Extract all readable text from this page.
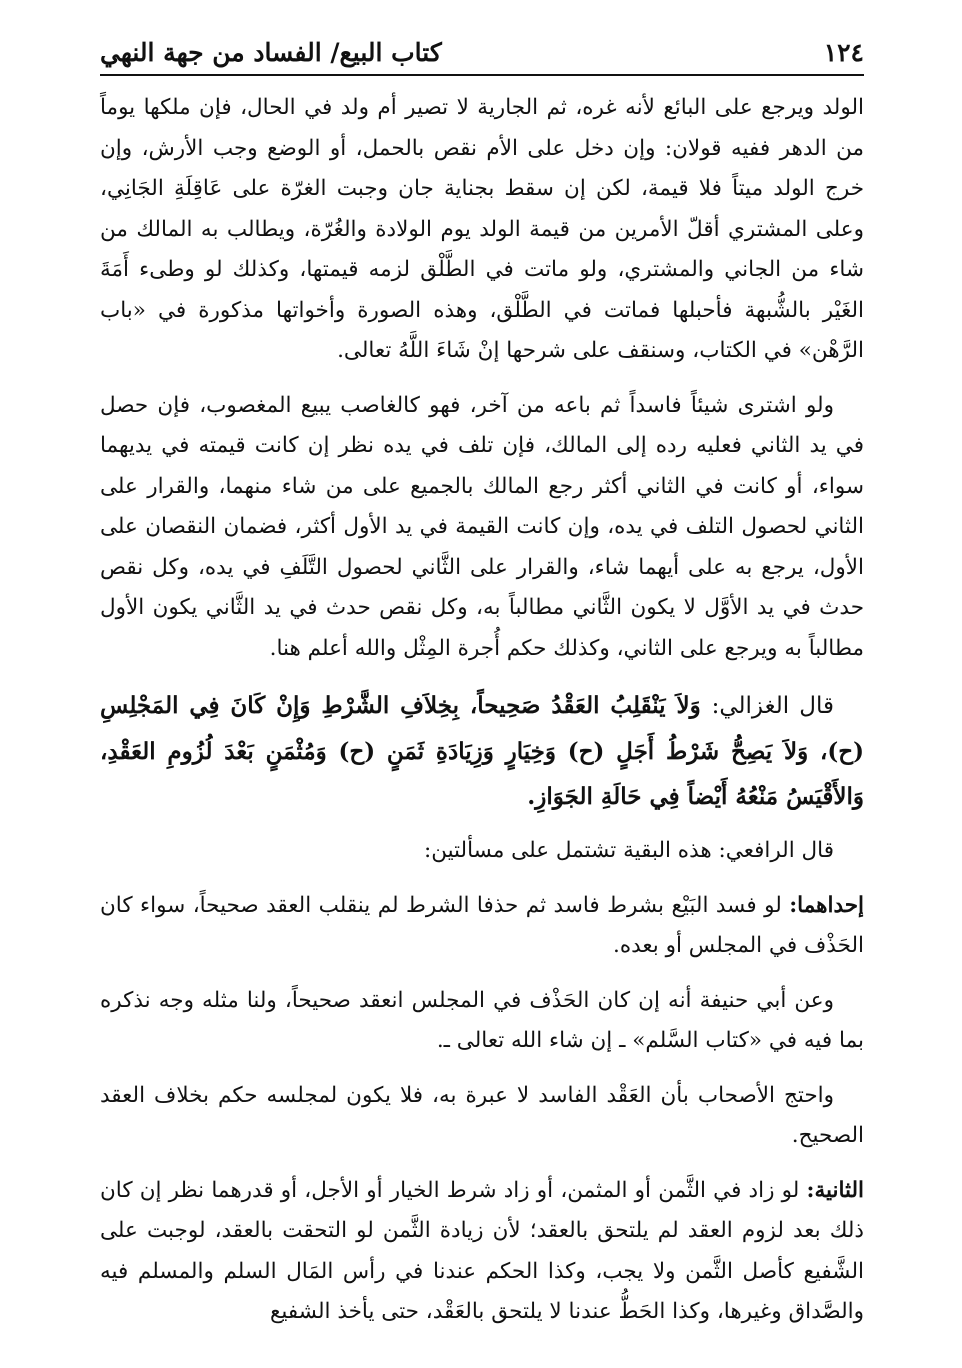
كتاب البيع/ الفساد من جهة النهي	١٢٤

الولد ويرجع على البائع لأنه غره، ثم الجارية لا تصير أم ولد في الحال، فإن ملكها يوماً من الدهر ففيه قولان: وإن دخل على الأم نقص بالحمل، أو الوضع وجب الأرش، وإن خرج الولد ميتاً فلا قيمة، لكن إن سقط بجناية جان وجبت الغرّة على عَاقِلَةِ الجَانِي، وعلى المشتري أقلّ الأمرين من قيمة الولد يوم الولادة والغُرّة، ويطالب به المالك من شاء من الجاني والمشتري، ولو ماتت في الطَّلْق لزمه قيمتها، وكذلك لو وطىء أَمَةَ الغَيْر بالشُّبهة فأحبلها فماتت في الطَّلْق، وهذه الصورة وأخواتها مذكورة في «باب الرَّهْن» في الكتاب، وسنقف على شرحها إنْ شَاءَ اللَّهُ تعالى.

ولو اشترى شيئاً فاسداً ثم باعه من آخر، فهو كالغاصب يبيع المغصوب، فإن حصل في يد الثاني فعليه رده إلى المالك، فإن تلف في يده نظر إن كانت قيمته في يديهما سواء، أو كانت في الثاني أكثر رجع المالك بالجميع على من شاء منهما، والقرار على الثاني لحصول التلف في يده، وإن كانت القيمة في يد الأول أكثر، فضمان النقصان على الأول، يرجع به على أيهما شاء، والقرار على الثَّاني لحصول التَّلَفِ في يده، وكل نقص حدث في يد الأوَّل لا يكون الثَّاني مطالباً به، وكل نقص حدث في يد الثَّاني يكون الأول مطالباً به ويرجع على الثاني، وكذلك حكم أُجرة المِثْل والله أعلم هنا.

قال الغزالي: وَلاَ يَنْقَلِبُ العَقْدُ صَحِيحاً، بِخِلاَفِ الشَّرْطِ وَإِنْ كَانَ فِي المَجْلِسِ (ح)، وَلاَ يَصِحُّ شَرْطُ أَجَلٍ (ح) وَخِيَارٍ وَزِيَادَةِ ثَمَنٍ (ح) وَمُثْمَنٍ بَعْدَ لُزُومِ العَقْدِ، وَالأَقْيَسُ مَنْعُهُ أَيْضاً فِي حَالَةِ الجَوَازِ.

قال الرافعي: هذه البقية تشتمل على مسألتين:

إحداهما: لو فسد البَيْع بشرط فاسد ثم حذفا الشرط لم ينقلب العقد صحيحاً، سواء كان الحَذْف في المجلس أو بعده.

وعن أبي حنيفة أنه إن كان الحَذْف في المجلس انعقد صحيحاً، ولنا مثله وجه نذكره بما فيه في «كتاب السَّلم» ـ إن شاء الله تعالى ـ.

واحتج الأصحاب بأن العَقْد الفاسد لا عبرة به، فلا يكون لمجلسه حكم بخلاف العقد الصحيح.

الثانية: لو زاد في الثَّمن أو المثمن، أو زاد شرط الخيار أو الأجل، أو قدرهما نظر إن كان ذلك بعد لزوم العقد لم يلتحق بالعقد؛ لأن زيادة الثَّمن لو التحقت بالعقد، لوجبت على الشَّفيع كأصل الثَّمن ولا يجب، وكذا الحكم عندنا في رأس المَال السلم والمسلم فيه والصَّداق وغيرها، وكذا الحَطُّ عندنا لا يلتحق بالعَقْد، حتى يأخذ الشفيع
